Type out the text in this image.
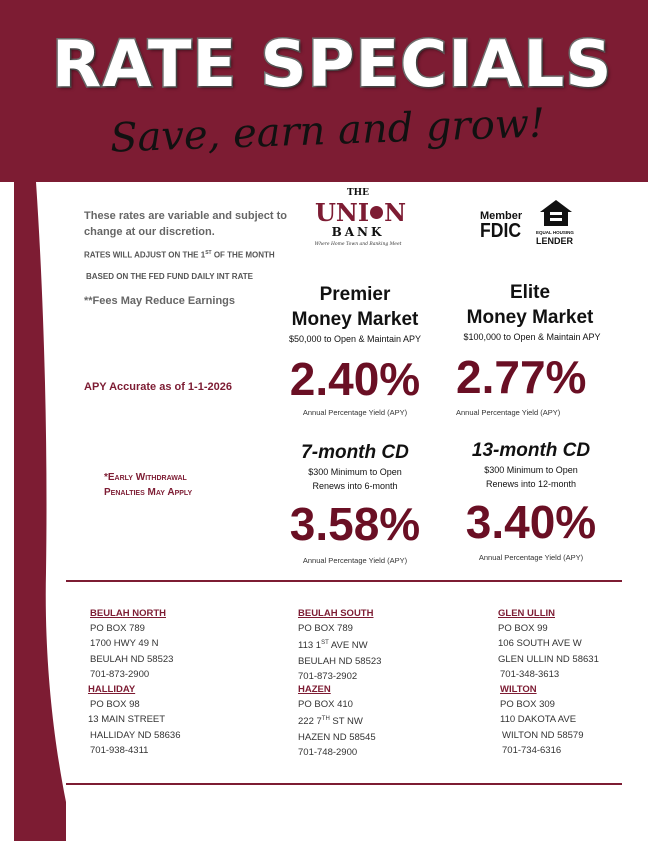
RATE SPECIALS
Save, earn and grow!
These rates are variable and subject to change at our discretion.
RATES WILL ADJUST ON THE 1ST OF THE MONTH
BASED ON THE FED FUND DAILY INT RATE
**Fees May Reduce Earnings
APY Accurate as of 1-1-2026
*Early Withdrawal
Penalties May Apply
THE
UNI N
BANK
Where Home Town and Banking Meet
Member
FDIC	EQUAL HOUSING
LENDER
Premier
Money Market
$50,000 to Open & Maintain APY
2.40%
Annual Percentage Yield (APY)
Elite
Money Market
$100,000 to Open & Maintain APY
2.77%
Annual Percentage Yield (APY)
7-month CD
$300 Minimum to Open
Renews into 6-month
3.58%
Annual Percentage Yield (APY)
13-month CD
$300 Minimum to Open
Renews into 12-month
3.40%
Annual Percentage Yield (APY)
BEULAH NORTH
PO BOX 789
1700 HWY 49 N
BEULAH ND 58523
701-873-2900
HALLIDAY
PO BOX 98
13 MAIN STREET
HALLIDAY ND 58636
701-938-4311
BEULAH SOUTH
PO BOX 789
113 1ST AVE NW
BEULAH ND 58523
701-873-2902
HAZEN
PO BOX 410
222 7TH ST NW
HAZEN ND 58545
701-748-2900
GLEN ULLIN
PO BOX 99
106 SOUTH AVE W
GLEN ULLIN ND 58631
701-348-3613
WILTON
PO BOX 309
110 DAKOTA AVE
WILTON ND 58579
701-734-6316
